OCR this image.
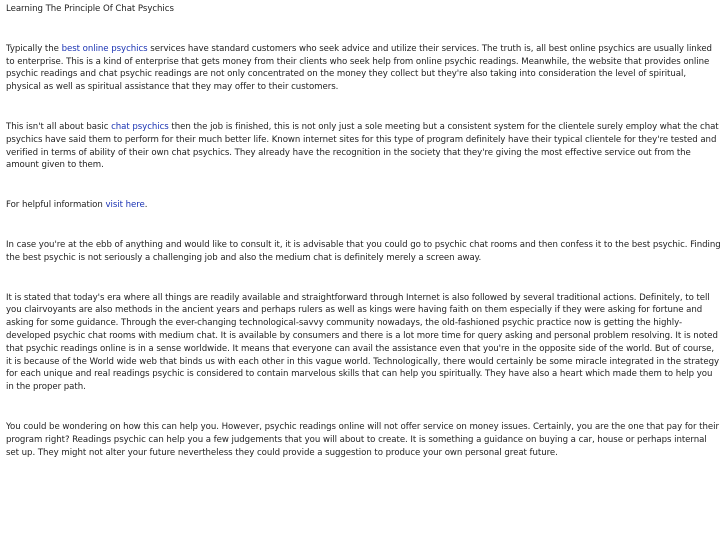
Learning The Principle Of Chat Psychics

Typically the best online psychics services have standard customers who seek advice and utilize their services. The truth is, all best online psychics are usually linked to enterprise. This is a kind of enterprise that gets money from their clients who seek help from online psychic readings. Meanwhile, the website that provides online psychic readings and chat psychic readings are not only concentrated on the money they collect but they're also taking into consideration the level of spiritual, physical as well as spiritual assistance that they may offer to their customers.

This isn't all about basic chat psychics then the job is finished, this is not only just a sole meeting but a consistent system for the clientele surely employ what the chat psychics have said them to perform for their much better life. Known internet sites for this type of program definitely have their typical clientele for they're tested and verified in terms of ability of their own chat psychics. They already have the recognition in the society that they're giving the most effective service out from the amount given to them.

For helpful information visit here.

In case you're at the ebb of anything and would like to consult it, it is advisable that you could go to psychic chat rooms and then confess it to the best psychic. Finding the best psychic is not seriously a challenging job and also the medium chat is definitely merely a screen away.

It is stated that today's era where all things are readily available and straightforward through Internet is also followed by several traditional actions. Definitely, to tell you clairvoyants are also methods in the ancient years and perhaps rulers as well as kings were having faith on them especially if they were asking for fortune and asking for some guidance. Through the ever-changing technological-savvy community nowadays, the old-fashioned psychic practice now is getting the highly-developed psychic chat rooms with medium chat. It is available by consumers and there is a lot more time for query asking and personal problem resolving. It is noted that psychic readings online is in a sense worldwide. It means that everyone can avail the assistance even that you're in the opposite side of the world. But of course, it is because of the World wide web that binds us with each other in this vague world. Technologically, there would certainly be some miracle integrated in the strategy for each unique and real readings psychic is considered to contain marvelous skills that can help you spiritually. They have also a heart which made them to help you in the proper path.

You could be wondering on how this can help you. However, psychic readings online will not offer service on money issues. Certainly, you are the one that pay for their program right? Readings psychic can help you a few judgements that you will about to create. It is something a guidance on buying a car, house or perhaps internal set up. They might not alter your future nevertheless they could provide a suggestion to produce your own personal great future.
